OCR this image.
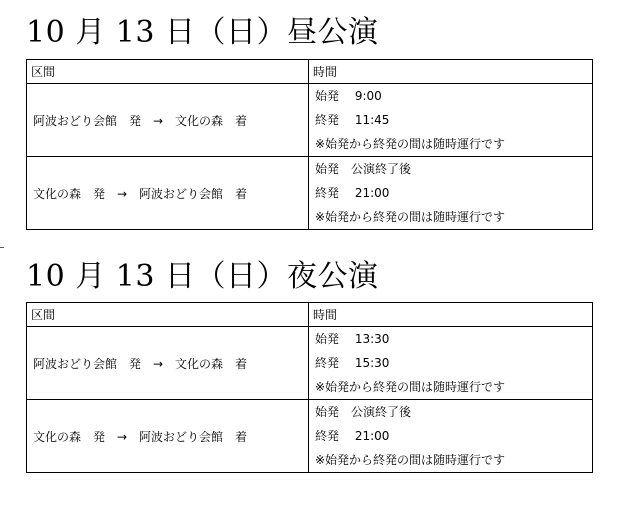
10 月 13 日（日）昼公演
区間	時間
阿波おどり会館　発　→　文化の森　着	始発　 9:00
終発　 11:45
※始発から終発の間は随時運行です

文化の森　発　→　阿波おどり会館　着	始発　公演終了後
終発　 21:00
※始発から終発の間は随時運行です
10 月 13 日（日）夜公演
区間	時間
阿波おどり会館　発　→　文化の森　着	始発　 13:30
終発　 15:30
※始発から終発の間は随時運行です

文化の森　発　→　阿波おどり会館　着	始発　公演終了後
終発　 21:00
※始発から終発の間は随時運行です
